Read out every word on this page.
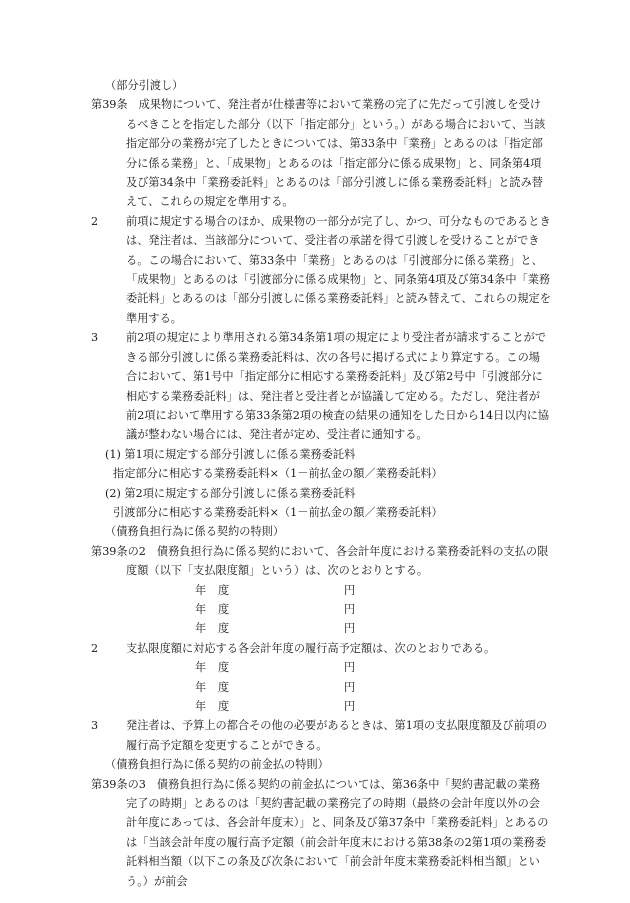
（部分引渡し）
第39条 成果物について、発注者が仕様書等において業務の完了に先だって引渡しを受けるべきことを指定した部分（以下「指定部分」という。）がある場合において、当該指定部分の業務が完了したときについては、第33条中「業務」とあるのは「指定部分に係る業務」と、「成果物」とあるのは「指定部分に係る成果物」と、同条第4項及び第34条中「業務委託料」とあるのは「部分引渡しに係る業務委託料」と読み替えて、これらの規定を準用する。
2 前項に規定する場合のほか、成果物の一部分が完了し、かつ、可分なものであるときは、発注者は、当該部分について、受注者の承諾を得て引渡しを受けることができる。この場合において、第33条中「業務」とあるのは「引渡部分に係る業務」と、「成果物」とあるのは「引渡部分に係る成果物」と、同条第4項及び第34条中「業務委託料」とあるのは「部分引渡しに係る業務委託料」と読み替えて、これらの規定を準用する。
3 前2項の規定により準用される第34条第1項の規定により受注者が請求することができる部分引渡しに係る業務委託料は、次の各号に掲げる式により算定する。この場合において、第1号中「指定部分に相応する業務委託料」及び第2号中「引渡部分に相応する業務委託料」は、発注者と受注者とが協議して定める。ただし、発注者が前2項において準用する第33条第2項の検査の結果の通知をした日から14日以内に協議が整わない場合には、発注者が定め、受注者に通知する。
(1) 第1項に規定する部分引渡しに係る業務委託料
指定部分に相応する業務委託料×（1－前払金の額／業務委託料）
(2) 第2項に規定する部分引渡しに係る業務委託料
引渡部分に相応する業務委託料×（1－前払金の額／業務委託料）
（債務負担行為に係る契約の特則）
第39条の2 債務負担行為に係る契約において、各会計年度における業務委託料の支払の限度額（以下「支払限度額」という）は、次のとおりとする。
年 度	円
年 度	円
年 度	円
2 支払限度額に対応する各会計年度の履行高予定額は、次のとおりである。
年 度	円
年 度	円
年 度	円
3 発注者は、予算上の都合その他の必要があるときは、第1項の支払限度額及び前項の履行高予定額を変更することができる。
（債務負担行為に係る契約の前金払の特則）
第39条の3 債務負担行為に係る契約の前金払については、第36条中「契約書記載の業務完了の時期」とあるのは「契約書記載の業務完了の時期（最終の会計年度以外の会計年度にあっては、各会計年度末）」と、同条及び第37条中「業務委託料」とあるのは「当該会計年度の履行高予定額（前会計年度末における第38条の2第1項の業務委託料相当額（以下この条及び次条において「前会計年度末業務委託料相当額」という。）が前会
